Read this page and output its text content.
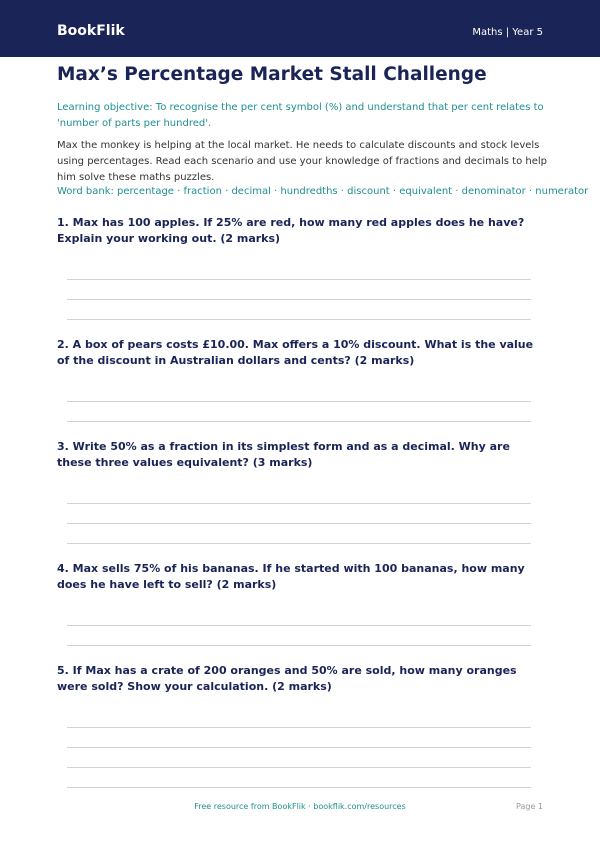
BookFlik	Maths | Year 5
Max’s Percentage Market Stall Challenge
Learning objective: To recognise the per cent symbol (%) and understand that per cent relates to 'number of parts per hundred'.
Max the monkey is helping at the local market. He needs to calculate discounts and stock levels using percentages. Read each scenario and use your knowledge of fractions and decimals to help him solve these maths puzzles.
Word bank: percentage · fraction · decimal · hundredths · discount · equivalent · denominator · numerator
1. Max has 100 apples. If 25% are red, how many red apples does he have? Explain your working out. (2 marks)
2. A box of pears costs £10.00. Max offers a 10% discount. What is the value of the discount in Australian dollars and cents? (2 marks)
3. Write 50% as a fraction in its simplest form and as a decimal. Why are these three values equivalent? (3 marks)
4. Max sells 75% of his bananas. If he started with 100 bananas, how many does he have left to sell? (2 marks)
5. If Max has a crate of 200 oranges and 50% are sold, how many oranges were sold? Show your calculation. (2 marks)
Free resource from BookFlik · bookflik.com/resources	Page 1
